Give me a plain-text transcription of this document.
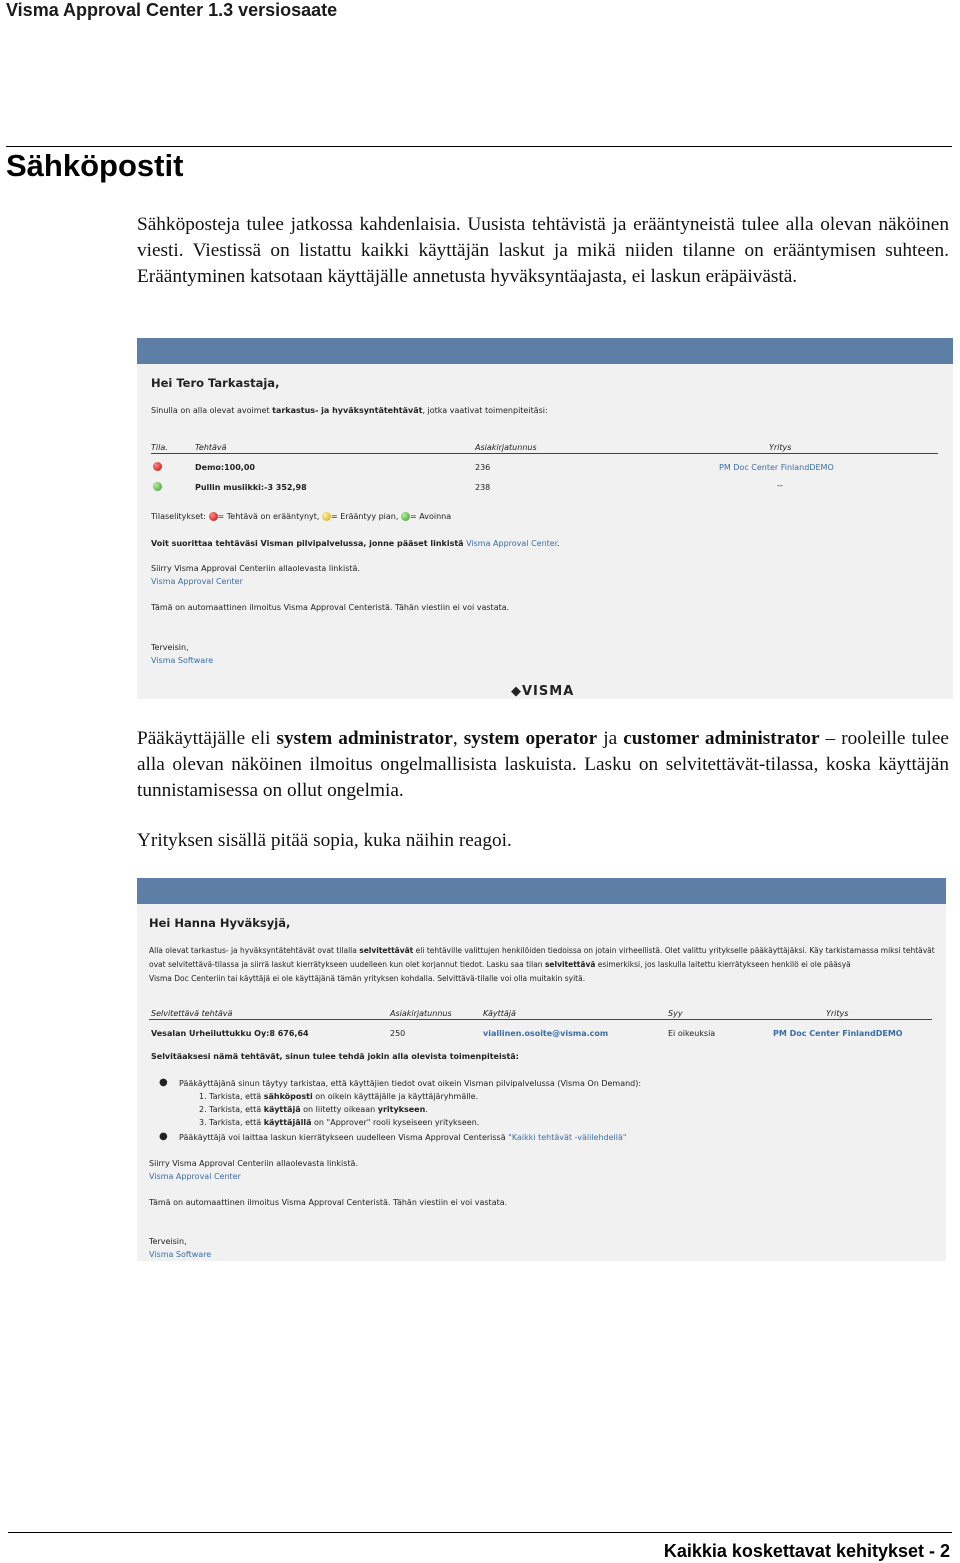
Visma Approval Center 1.3 versiosaate
Sähköpostit
Sähköposteja tulee jatkossa kahdenlaisia. Uusista tehtävistä ja erääntyneistä tulee alla olevan näköinen viesti. Viestissä on listattu kaikki käyttäjän laskut ja mikä niiden tilanne on erääntymisen suhteen. Erääntyminen katsotaan käyttäjälle annetusta hyväksyntäajasta, ei laskun eräpäivästä.
Hei Tero Tarkastaja,
Sinulla on alla olevat avoimet tarkastus- ja hyväksyntätehtävät, jotka vaativat toimenpiteitäsi:
Tila.	Tehtävä	Asiakirjatunnus	Yritys
Demo:100,00	236	PM Doc Center FinlandDEMO
Pullin musiikki:-3 352,98	238	--
Tilaselitykset: = Tehtävä on erääntynyt, = Erääntyy pian, = Avoinna
Voit suorittaa tehtäväsi Visman pilvipalvelussa, jonne pääset linkistä Visma Approval Center.
Siirry Visma Approval Centeriin allaolevasta linkistä.
Visma Approval Center
Tämä on automaattinen ilmoitus Visma Approval Centeristä. Tähän viestiin ei voi vastata.
Terveisin,
Visma Software
◆VISMA
Pääkäyttäjälle eli system administrator, system operator ja customer administrator – rooleille tulee alla olevan näköinen ilmoitus ongelmallisista laskuista. Lasku on selvitettävät-tilassa, koska käyttäjän tunnistamisessa on ollut ongelmia.
Yrityksen sisällä pitää sopia, kuka näihin reagoi.
Hei Hanna Hyväksyjä,
Alla olevat tarkastus- ja hyväksyntätehtävät ovat tilalla selvitettävät eli tehtäville valittujen henkilöiden tiedoissa on jotain virheellistä. Olet valittu yritykselle pääkäyttäjäksi. Käy tarkistamassa miksi tehtävät
ovat selvitettävä-tilassa ja siirrä laskut kierrätykseen uudelleen kun olet korjannut tiedot. Lasku saa tilan selvitettävä esimerkiksi, jos laskulla laitettu kierrätykseen henkilö ei ole pääsyä
Visma Doc Centeriin tai käyttäjä ei ole käyttäjänä tämän yrityksen kohdalla. Selvittävä-tilalle voi olla muitakin syitä.
Selvitettävä tehtävä	Asiakirjatunnus	Käyttäjä	Syy	Yritys
Vesalan Urheiluttukku Oy:8 676,64	250	viallinen.osoite@visma.com	Ei oikeuksia	PM Doc Center FinlandDEMO
Selvitäaksesi nämä tehtävät, sinun tulee tehdä jokin alla olevista toimenpiteistä:
● Pääkäyttäjänä sinun täytyy tarkistaa, että käyttäjien tiedot ovat oikein Visman pilvipalvelussa (Visma On Demand):
1. Tarkista, että sähköposti on oikein käyttäjälle ja käyttäjäryhmälle.
2. Tarkista, että käyttäjä on liitetty oikeaan yritykseen.
3. Tarkista, että käyttäjällä on "Approver" rooli kyseiseen yritykseen.
● Pääkäyttäjä voi laittaa laskun kierrätykseen uudelleen Visma Approval Centerissä "Kaikki tehtävät -välilehdellä"
Siirry Visma Approval Centeriin allaolevasta linkistä.
Visma Approval Center
Tämä on automaattinen ilmoitus Visma Approval Centeristä. Tähän viestiin ei voi vastata.
Terveisin,
Visma Software
Kaikkia koskettavat kehitykset - 2
